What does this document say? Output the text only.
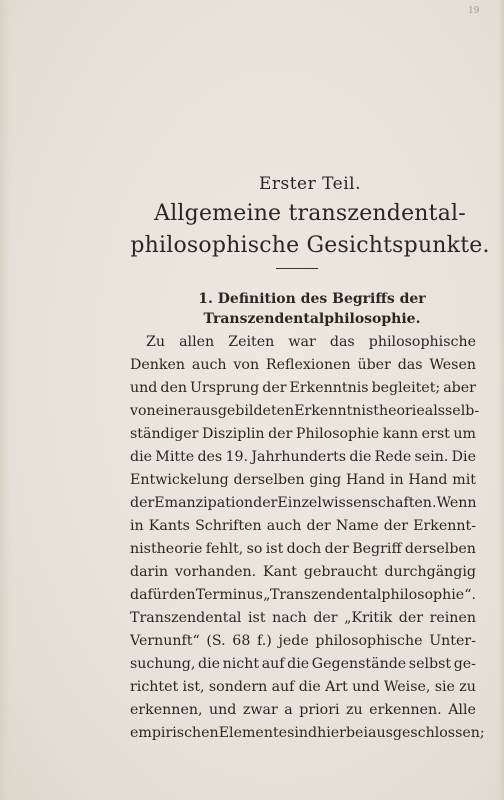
19
Erster Teil.
Allgemeine transzendental-
philosophische Gesichtspunkte.
1. Definition des Begriffs der
Transzendentalphilosophie.
Zu allen Zeiten war das philosophische
Denken auch von Reflexionen über das Wesen
und den Ursprung der Erkenntnis begleitet; aber
von einer ausgebildeten Erkenntnistheorie als selb-
ständiger Disziplin der Philosophie kann erst um
die Mitte des 19. Jahrhunderts die Rede sein. Die
Entwickelung derselben ging Hand in Hand mit
der Emanzipation der Einzelwissenschaften. Wenn
in Kants Schriften auch der Name der Erkennt-
nistheorie fehlt, so ist doch der Begriff derselben
darin vorhanden. Kant gebraucht durchgängig
dafür den Terminus „Transzendentalphilosophie“.
Transzendental ist nach der „Kritik der reinen
Vernunft“ (S. 68 f.) jede philosophische Unter-
suchung, die nicht auf die Gegenstände selbst ge-
richtet ist, sondern auf die Art und Weise, sie zu
erkennen, und zwar a priori zu erkennen. Alle
empirischen Elemente sind hierbei ausgeschlossen;
